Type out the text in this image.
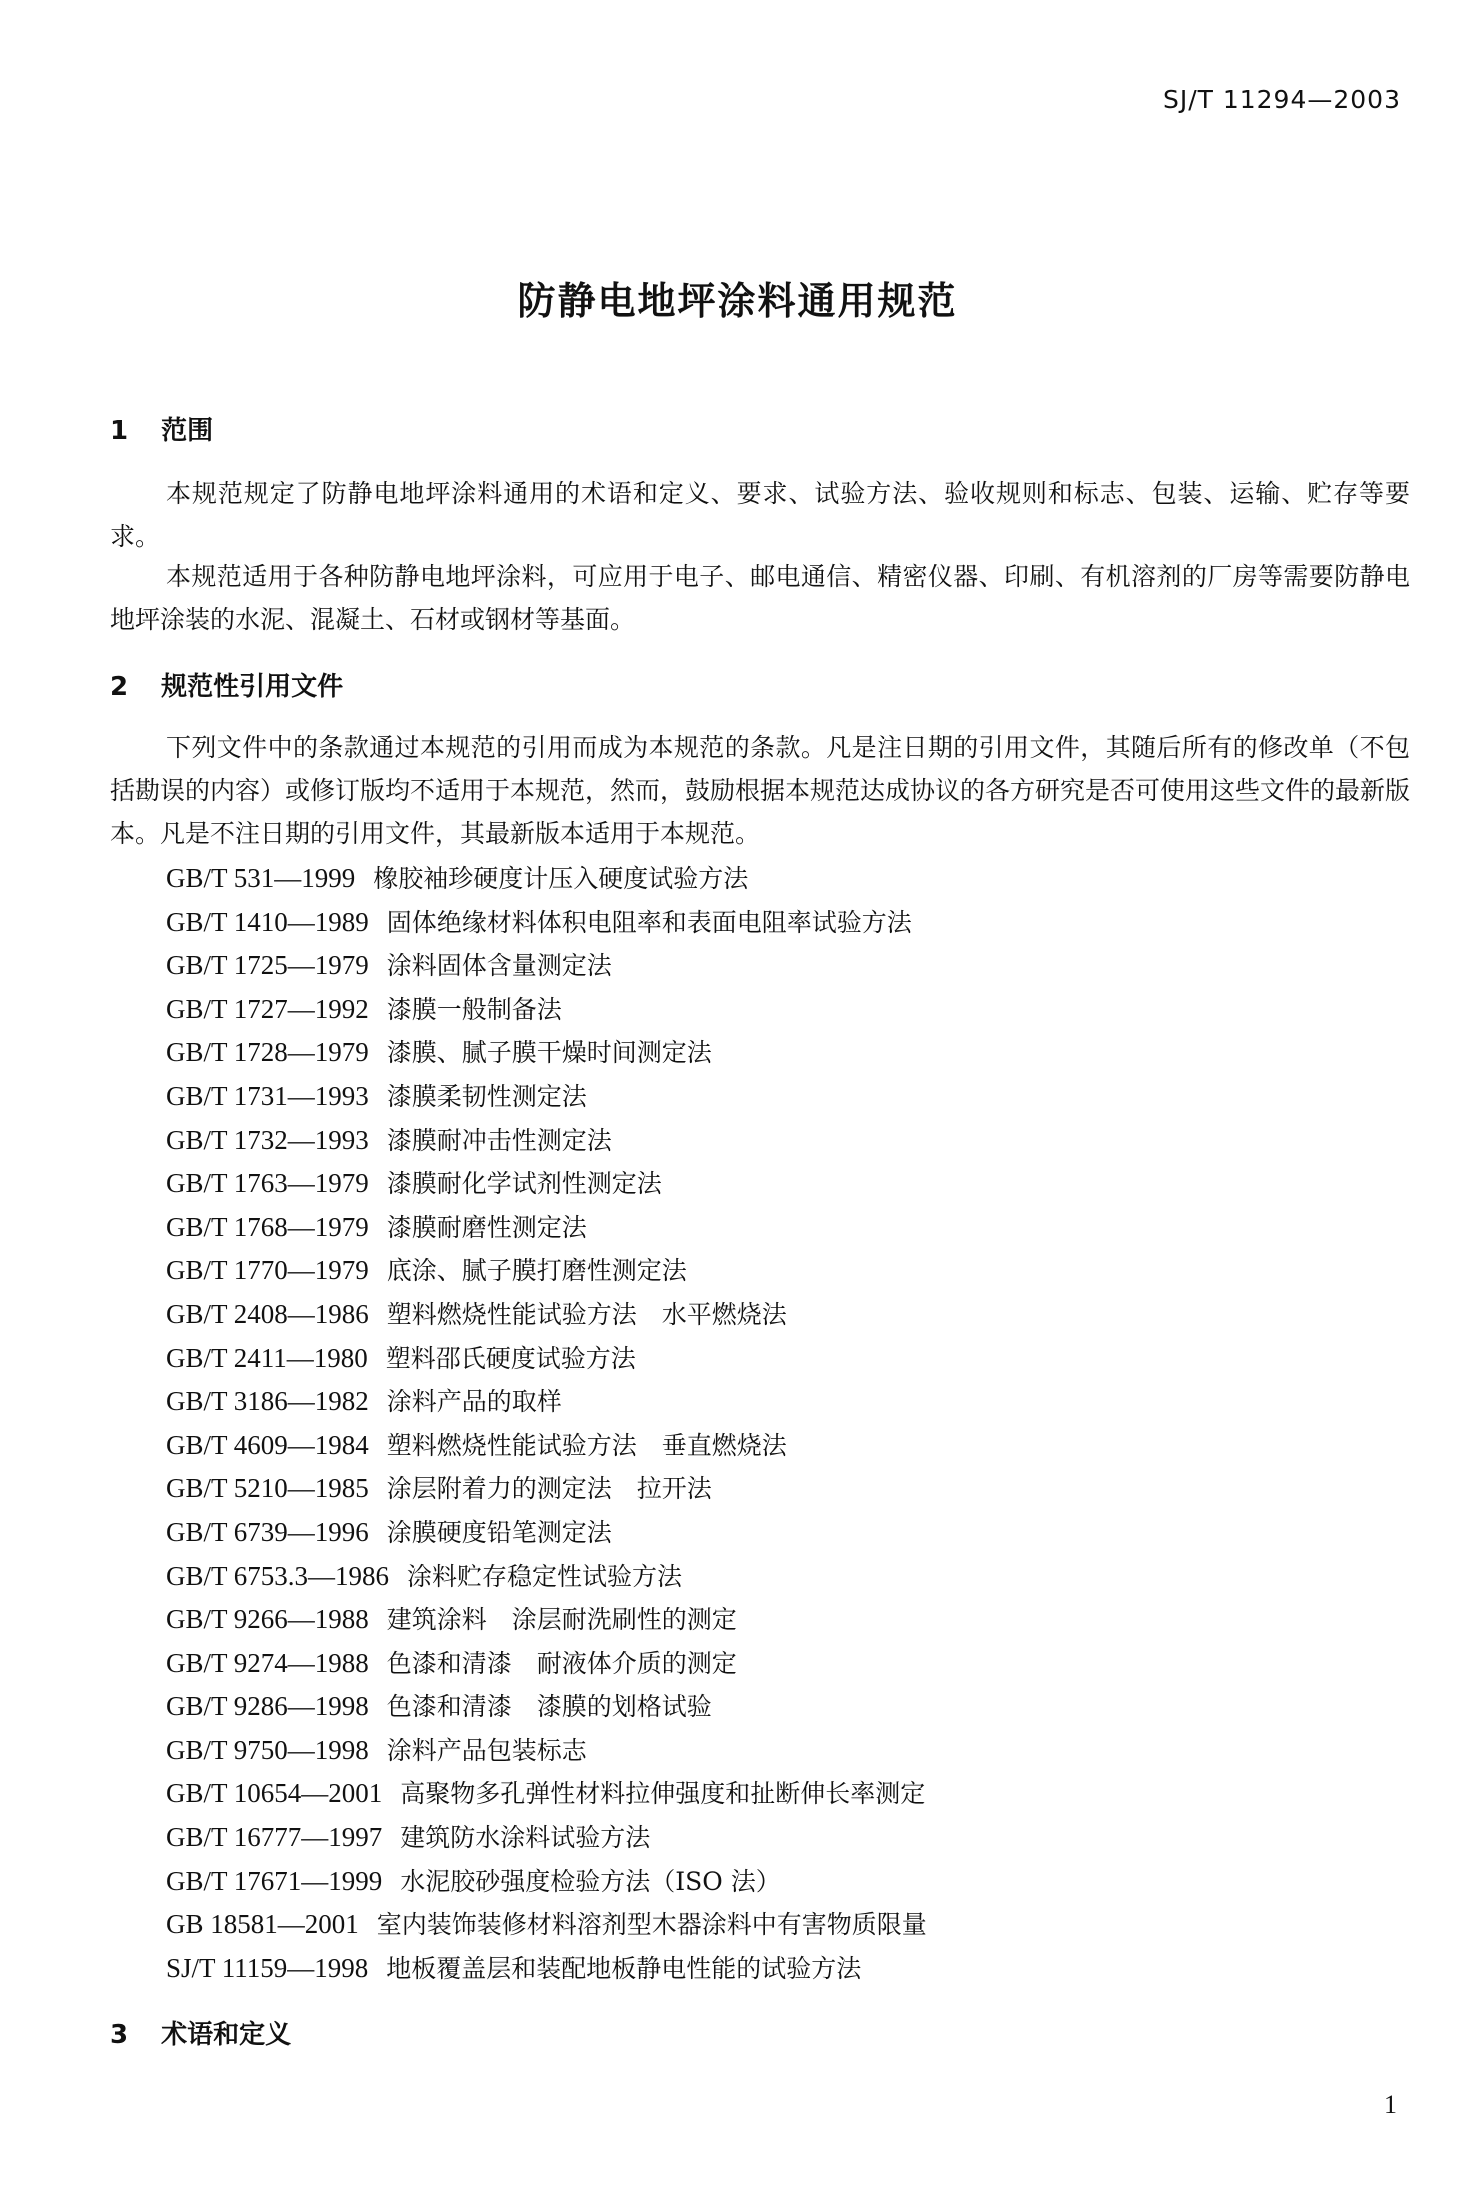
SJ/T 11294—2003
防静电地坪涂料通用规范
1 范围

本规范规定了防静电地坪涂料通用的术语和定义、要求、试验方法、验收规则和标志、包装、运输、贮存等要求。

本规范适用于各种防静电地坪涂料，可应用于电子、邮电通信、精密仪器、印刷、有机溶剂的厂房等需要防静电地坪涂装的水泥、混凝土、石材或钢材等基面。

2 规范性引用文件

下列文件中的条款通过本规范的引用而成为本规范的条款。凡是注日期的引用文件，其随后所有的修改单（不包括勘误的内容）或修订版均不适用于本规范，然而，鼓励根据本规范达成协议的各方研究是否可使用这些文件的最新版本。凡是不注日期的引用文件，其最新版本适用于本规范。

GB/T 531—1999 橡胶袖珍硬度计压入硬度试验方法
GB/T 1410—1989 固体绝缘材料体积电阻率和表面电阻率试验方法
GB/T 1725—1979 涂料固体含量测定法
GB/T 1727—1992 漆膜一般制备法
GB/T 1728—1979 漆膜、腻子膜干燥时间测定法
GB/T 1731—1993 漆膜柔韧性测定法
GB/T 1732—1993 漆膜耐冲击性测定法
GB/T 1763—1979 漆膜耐化学试剂性测定法
GB/T 1768—1979 漆膜耐磨性测定法
GB/T 1770—1979 底涂、腻子膜打磨性测定法
GB/T 2408—1986 塑料燃烧性能试验方法　水平燃烧法
GB/T 2411—1980 塑料邵氏硬度试验方法
GB/T 3186—1982 涂料产品的取样
GB/T 4609—1984 塑料燃烧性能试验方法　垂直燃烧法
GB/T 5210—1985 涂层附着力的测定法　拉开法
GB/T 6739—1996 涂膜硬度铅笔测定法
GB/T 6753.3—1986 涂料贮存稳定性试验方法
GB/T 9266—1988 建筑涂料　涂层耐洗刷性的测定
GB/T 9274—1988 色漆和清漆　耐液体介质的测定
GB/T 9286—1998 色漆和清漆　漆膜的划格试验
GB/T 9750—1998 涂料产品包装标志
GB/T 10654—2001 高聚物多孔弹性材料拉伸强度和扯断伸长率测定
GB/T 16777—1997 建筑防水涂料试验方法
GB/T 17671—1999 水泥胶砂强度检验方法（ISO 法）
GB 18581—2001 室内装饰装修材料溶剂型木器涂料中有害物质限量
SJ/T 11159—1998 地板覆盖层和装配地板静电性能的试验方法
3 术语和定义
1
